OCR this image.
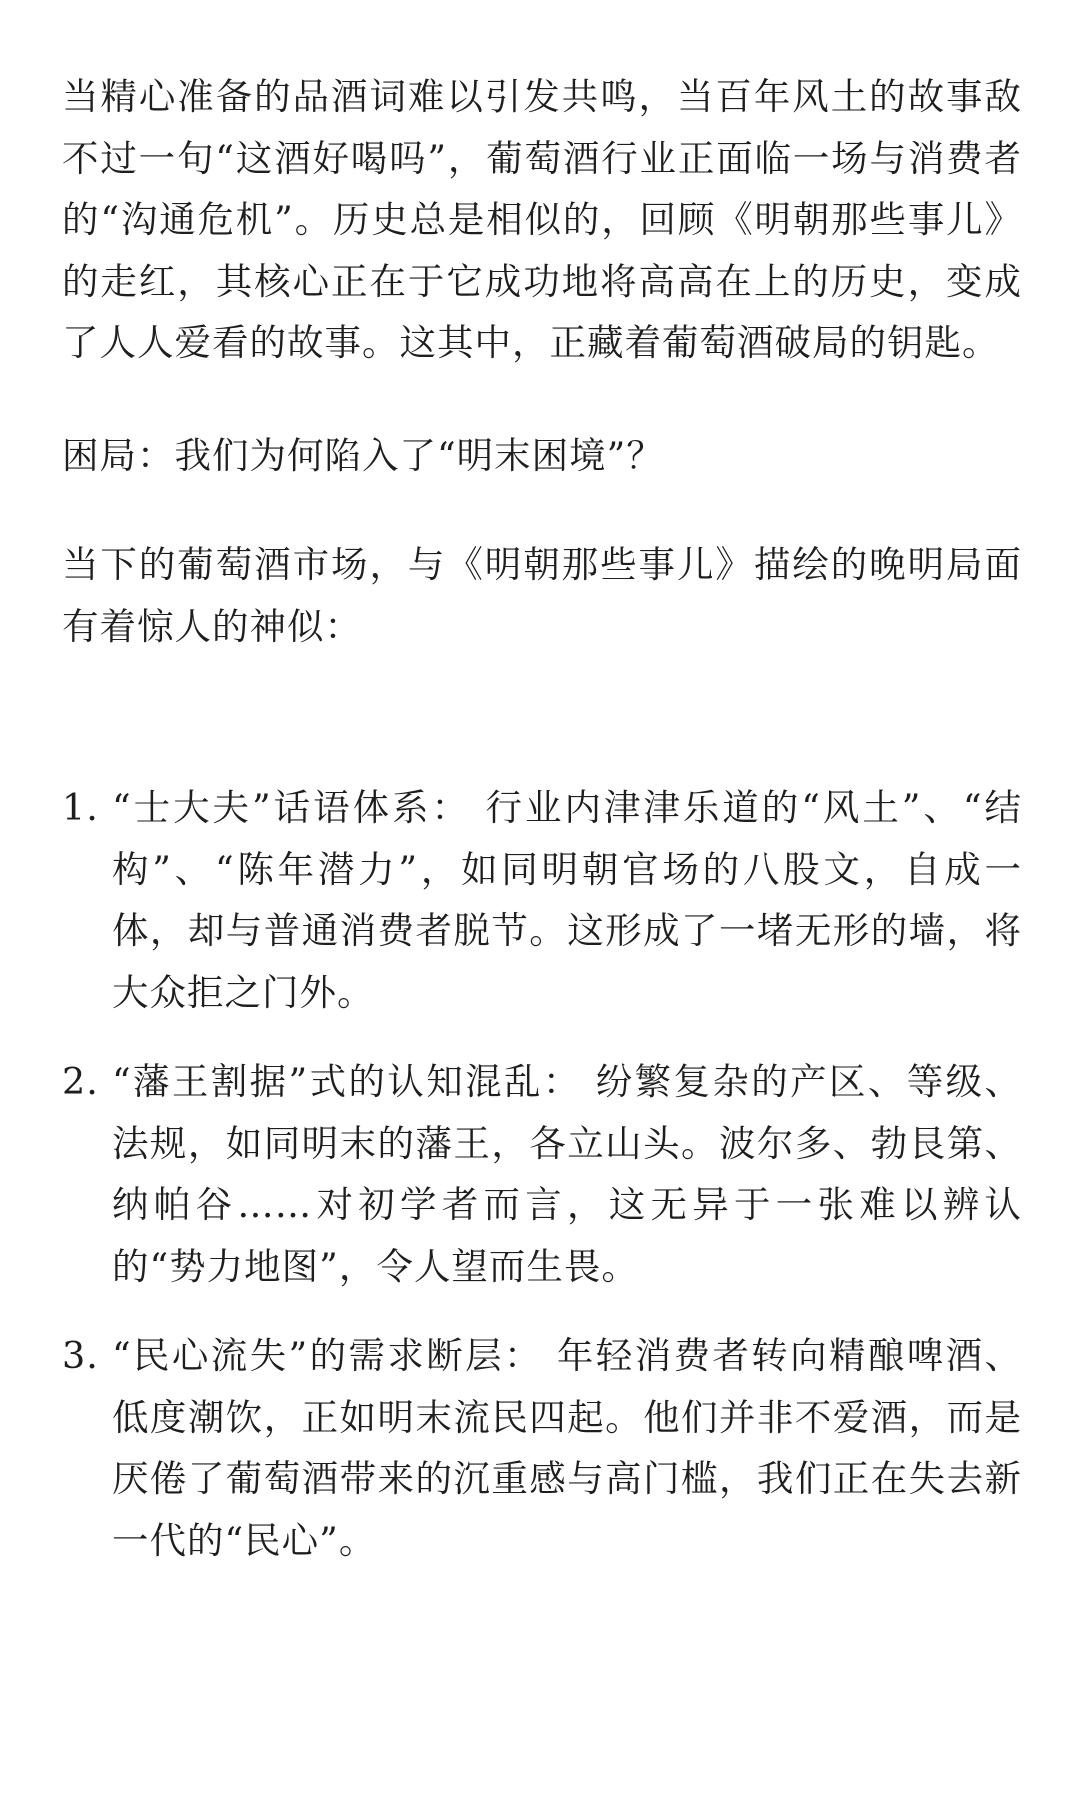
当精心准备的品酒词难以引发共鸣，当百年风土的故事敌不过一句“这酒好喝吗”，葡萄酒行业正面临一场与消费者的“沟通危机”。历史总是相似的，回顾《明朝那些事儿》的走红，其核心正在于它成功地将高高在上的历史，变成了人人爱看的故事。这其中，正藏着葡萄酒破局的钥匙。

困局：我们为何陷入了“明末困境”？

当下的葡萄酒市场，与《明朝那些事儿》描绘的晚明局面有着惊人的神似：

1. “士大夫”话语体系： 行业内津津乐道的“风土”、“结构”、“陈年潜力”，如同明朝官场的八股文，自成一体，却与普通消费者脱节。这形成了一堵无形的墙，将大众拒之门外。
2. “藩王割据”式的认知混乱： 纷繁复杂的产区、等级、法规，如同明末的藩王，各立山头。波尔多、勃艮第、纳帕谷……对初学者而言，这无异于一张难以辨认的“势力地图”，令人望而生畏。
3. “民心流失”的需求断层： 年轻消费者转向精酿啤酒、低度潮饮，正如明末流民四起。他们并非不爱酒，而是厌倦了葡萄酒带来的沉重感与高门槛，我们正在失去新一代的“民心”。
